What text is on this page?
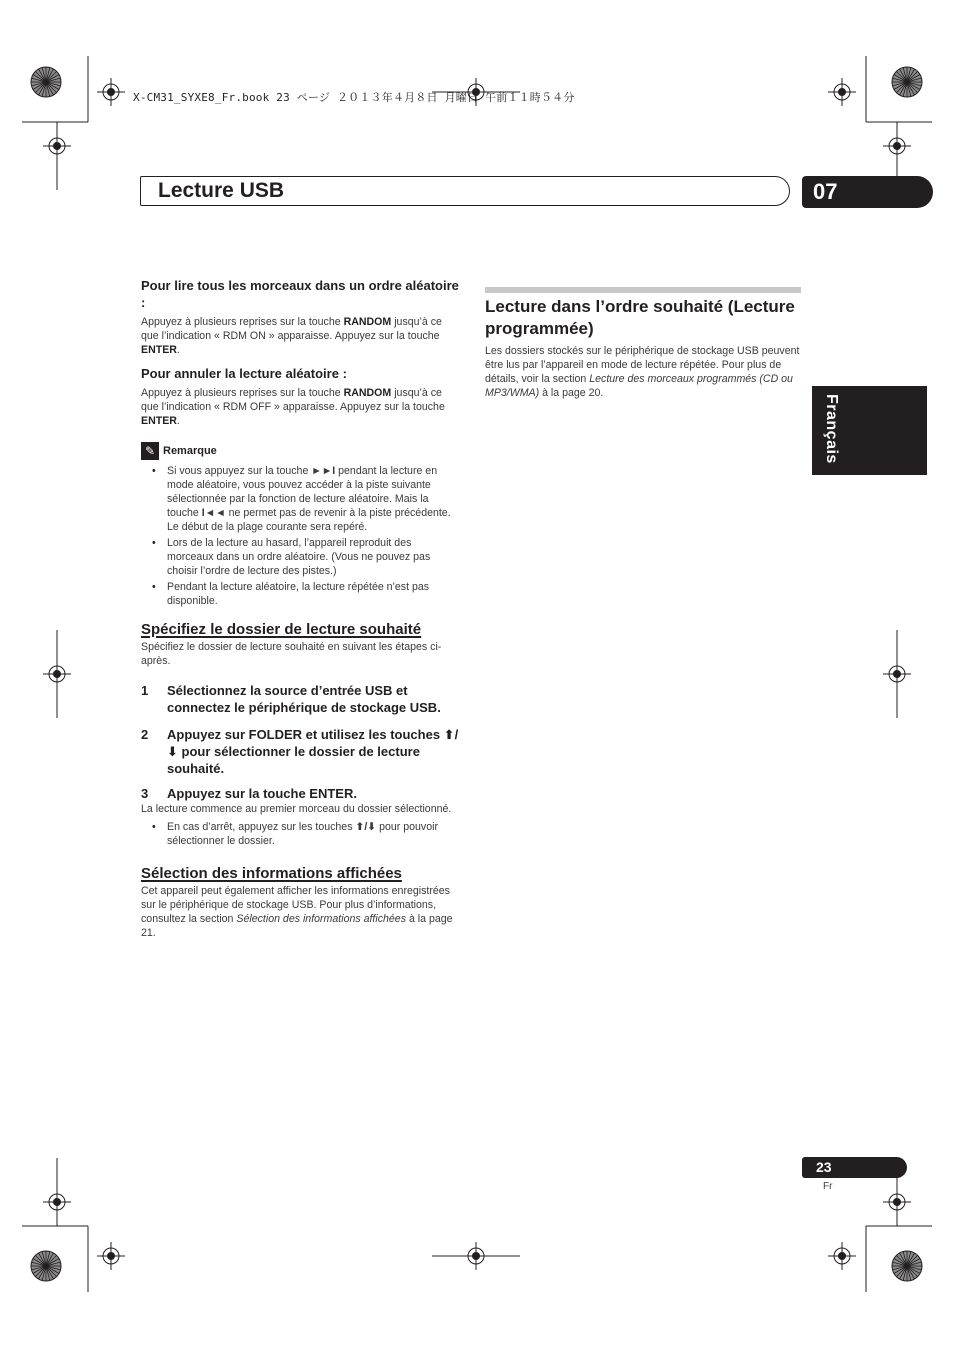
X-CM31_SYXE8_Fr.book 23 ページ ２０１３年４月８日 月曜日 午前１１時５４分
Lecture USB	07
Français

Pour lire tous les morceaux dans un ordre aléatoire :

Appuyez à plusieurs reprises sur la touche RANDOM jusqu’à ce que l’indication « RDM ON » apparaisse. Appuyez sur la touche ENTER.

Pour annuler la lecture aléatoire :

Appuyez à plusieurs reprises sur la touche RANDOM jusqu’à ce que l’indication « RDM OFF » apparaisse. Appuyez sur la touche ENTER.

✎ Remarque
• Si vous appuyez sur la touche ►►I pendant la lecture en mode aléatoire, vous pouvez accéder à la piste suivante sélectionnée par la fonction de lecture aléatoire. Mais la touche I◄◄ ne permet pas de revenir à la piste précédente. Le début de la plage courante sera repéré.
• Lors de la lecture au hasard, l’appareil reproduit des morceaux dans un ordre aléatoire. (Vous ne pouvez pas choisir l’ordre de lecture des pistes.)
• Pendant la lecture aléatoire, la lecture répétée n’est pas disponible.

Spécifiez le dossier de lecture souhaité

Spécifiez le dossier de lecture souhaité en suivant les étapes ci-après.

1	Sélectionnez la source d’entrée USB et connectez le périphérique de stockage USB.
2	Appuyez sur FOLDER et utilisez les touches ⬆/⬇ pour sélectionner le dossier de lecture souhaité.
3	Appuyez sur la touche ENTER.

La lecture commence au premier morceau du dossier sélectionné.

• En cas d’arrêt, appuyez sur les touches ⬆/⬇ pour pouvoir sélectionner le dossier.

Sélection des informations affichées

Cet appareil peut également afficher les informations enregistrées sur le périphérique de stockage USB. Pour plus d’informations, consultez la section Sélection des informations affichées à la page 21.

Lecture dans l’ordre souhaité (Lecture programmée)

Les dossiers stockés sur le périphérique de stockage USB peuvent être lus par l’appareil en mode de lecture répétée. Pour plus de détails, voir la section Lecture des morceaux programmés (CD ou MP3/WMA) à la page 20.

23
Fr
